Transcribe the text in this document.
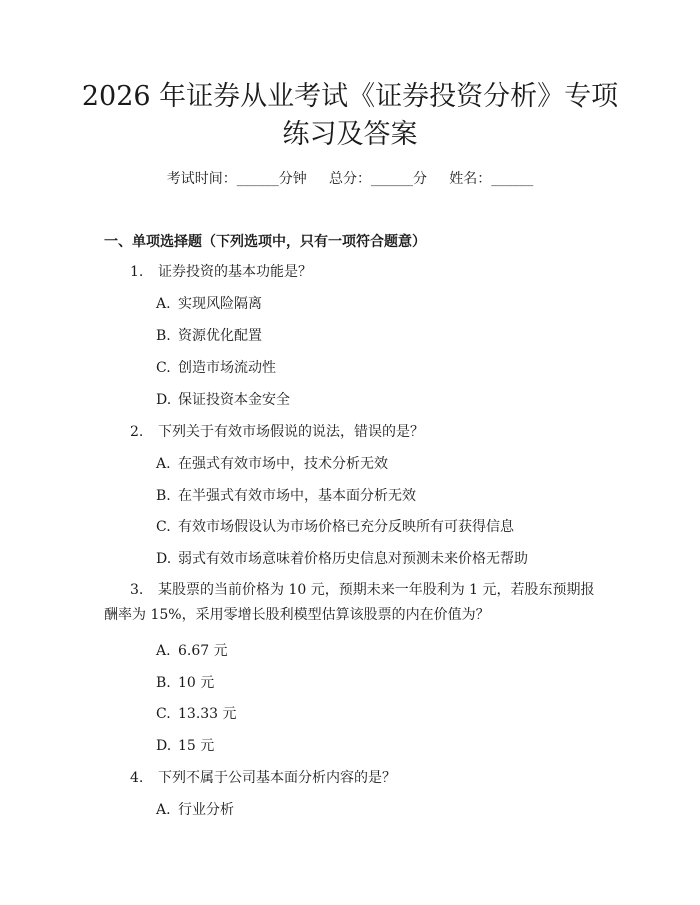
2026 年证券从业考试《证券投资分析》专项
练习及答案
考试时间：______分钟     总分：______分     姓名：______
一、单项选择题（下列选项中，只有一项符合题意）

1. 证券投资的基本功能是？

A. 实现风险隔离

B. 资源优化配置

C. 创造市场流动性

D. 保证投资本金安全

2. 下列关于有效市场假说的说法，错误的是？

A. 在强式有效市场中，技术分析无效

B. 在半强式有效市场中，基本面分析无效

C. 有效市场假设认为市场价格已充分反映所有可获得信息

D. 弱式有效市场意味着价格历史信息对预测未来价格无帮助

3. 某股票的当前价格为 10 元，预期未来一年股利为 1 元，若股东预期报酬率为 15%，采用零增长股利模型估算该股票的内在价值为？

A. 6.67 元

B. 10 元

C. 13.33 元

D. 15 元

4. 下列不属于公司基本面分析内容的是？

A. 行业分析
